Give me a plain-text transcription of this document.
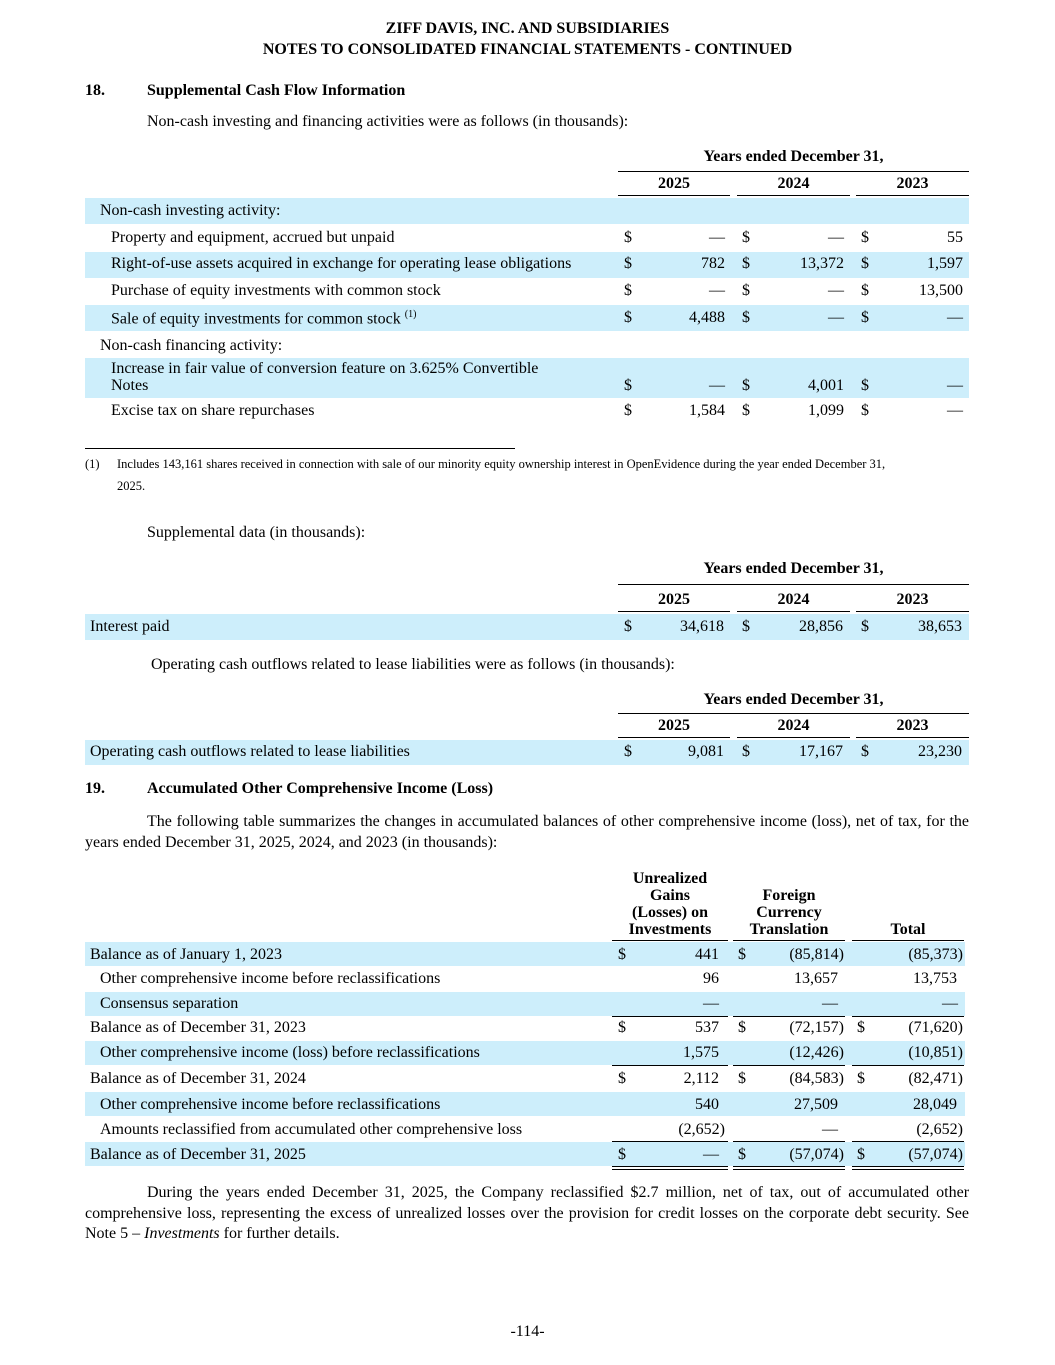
ZIFF DAVIS, INC. AND SUBSIDIARIES
NOTES TO CONSOLIDATED FINANCIAL STATEMENTS - CONTINUED
18.	Supplemental Cash Flow Information
Non-cash investing and financing activities were as follows (in thousands):
Years ended December 31,
2025	2024	2023
Non-cash investing activity:
Property and equipment, accrued but unpaid	$	— $	— $	55
Right-of-use assets acquired in exchange for operating lease obligations	$	782 $	13,372 $	1,597
Purchase of equity investments with common stock	$	— $	— $	13,500
Sale of equity investments for common stock $^{(1)}$	$	4,488 $	— $	—
Non-cash financing activity:
Increase in fair value of conversion feature on 3.625% Convertible
Notes	$	— $	4,001 $	—
Excise tax on share repurchases	$	1,584 $	1,099 $	—
(1) Includes 143,161 shares received in connection with sale of our minority equity ownership interest in OpenEvidence during the year ended December 31,
2025.
Supplemental data (in thousands):
Years ended December 31,
2025	2024	2023
Interest paid	$	34,618 $	28,856 $	38,653
Operating cash outflows related to lease liabilities were as follows (in thousands):
Years ended December 31,
2025	2024	2023
Operating cash outflows related to lease liabilities	$	9,081 $	17,167 $	23,230
19.	Accumulated Other Comprehensive Income (Loss)
The following table summarizes the changes in accumulated balances of other comprehensive income (loss), net of tax, for the years ended December 31, 2025, 2024, and 2023 (in thousands):
Unrealized
Gains
(Losses) on
Investments
Foreign
Currency
Translation	Total
Balance as of January 1, 2023	$	441 $	(85,814)	(85,373)
Other comprehensive income before reclassifications	96	13,657	13,753
Consensus separation	—	—	—
Balance as of December 31, 2023	$	537 $	(72,157) $	(71,620)
Other comprehensive income (loss) before reclassifications	1,575	(12,426)	(10,851)
Balance as of December 31, 2024	$	2,112 $	(84,583) $	(82,471)
Other comprehensive income before reclassifications	540	27,509	28,049
Amounts reclassified from accumulated other comprehensive loss	(2,652)	—	(2,652)
Balance as of December 31, 2025	$	— $	(57,074) $	(57,074)
During the years ended December 31, 2025, the Company reclassified $2.7 million, net of tax, out of accumulated other comprehensive loss, representing the excess of unrealized losses over the provision for credit losses on the corporate debt security. See Note 5 – Investments for further details.
-114-
